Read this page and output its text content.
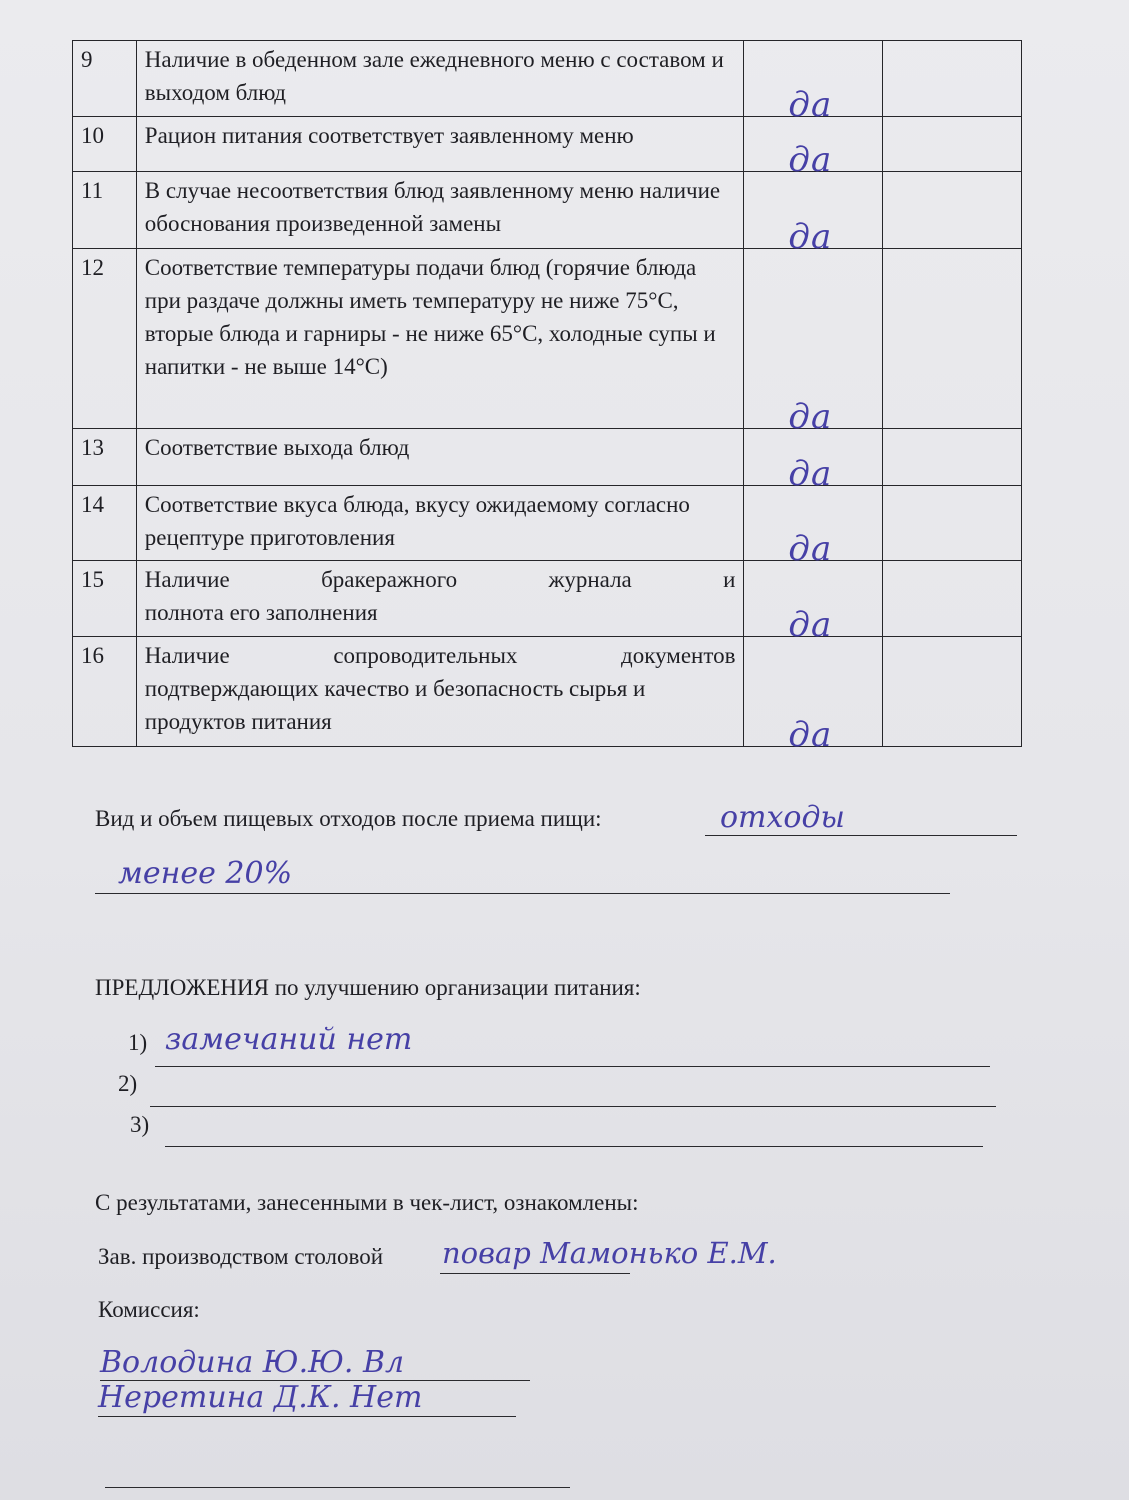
9	Наличие в обеденном зале ежедневного меню с составом и выходом блюд	да	

10	Рацион питания соответствует заявленному меню	да	

11	В случае несоответствия блюд заявленному меню наличие обоснования произведенной замены	да	

12	Соответствие температуры подачи блюд (горячие блюда при раздаче должны иметь температуру не ниже 75°С, вторые блюда и гарниры - не ниже 65°С, холодные супы и напитки - не выше 14°С)	да	

13	Соответствие выхода блюд	да	

14	Соответствие вкуса блюда, вкусу ожидаемому согласно рецептуре приготовления	да	

15	Наличие бракеражного журнала и
полнота его заполнения	да	

16	Наличие сопроводительных документов
подтверждающих качество и безопасность сырья и продуктов питания	да	

Вид и объем пищевых отходов после приема пищи:	отходы
менее 20%
ПРЕДЛОЖЕНИЯ по улучшению организации питания:
1) замечаний нет
2)
3)
С результатами, занесенными в чек-лист, ознакомлены:
Зав. производством столовой повар Мамонько Е.М.
Комиссия:
Володина Ю.Ю. Вл
Неретина Д.К. Нет
